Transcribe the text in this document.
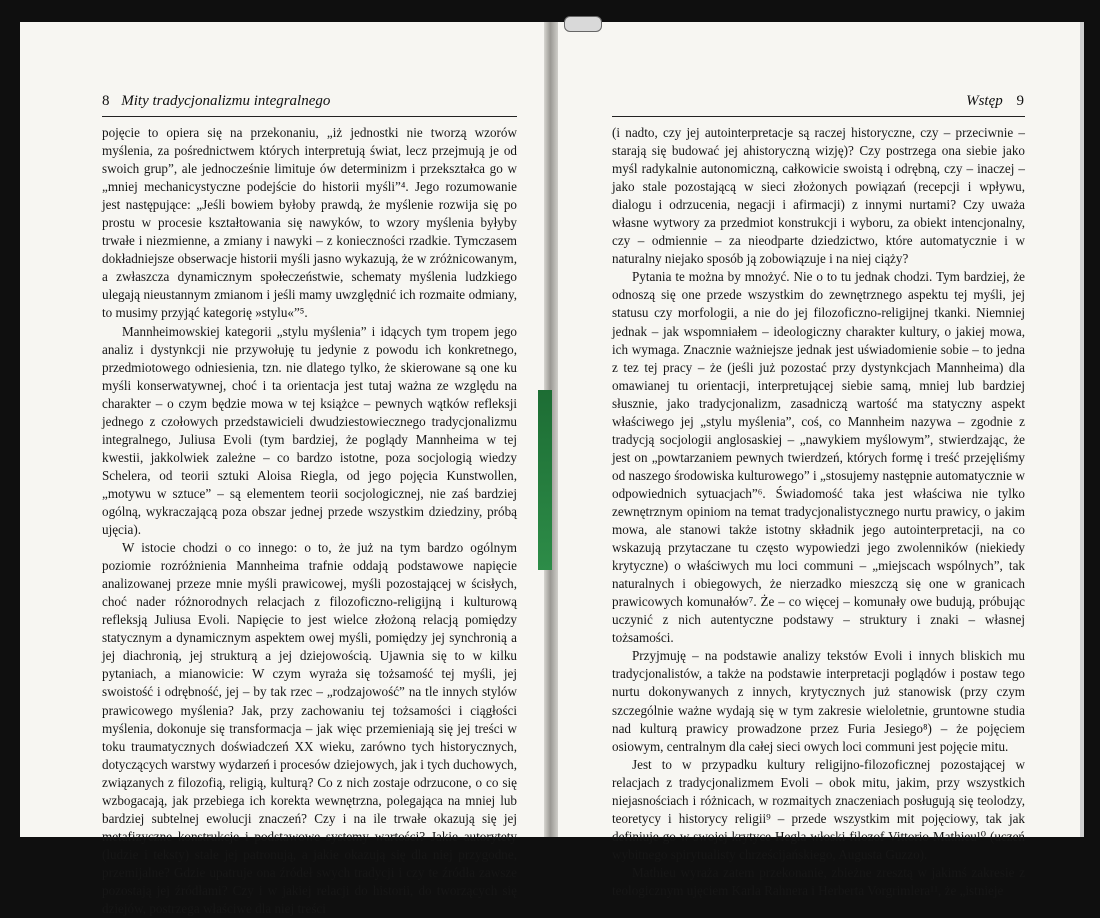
8 Mity tradycjonalizmu integralnego

pojęcie to opiera się na przekonaniu, „iż jednostki nie tworzą wzorów myślenia, za pośrednictwem których interpretują świat, lecz przejmują je od swoich grup”, ale jednocześnie limituje ów determinizm i przekształca go w „mniej mechanicystyczne podejście do historii myśli”⁴. Jego rozumowanie jest następujące: „Jeśli bowiem byłoby prawdą, że myślenie rozwija się po prostu w procesie kształtowania się nawyków, to wzory myślenia byłyby trwałe i niezmienne, a zmiany i nawyki – z konieczności rzadkie. Tymczasem dokładniejsze obserwacje historii myśli jasno wykazują, że w zróżnicowanym, a zwłaszcza dynamicznym społeczeństwie, schematy myślenia ludzkiego ulegają nieustannym zmianom i jeśli mamy uwzględnić ich rozmaite odmiany, to musimy przyjąć kategorię »stylu«”⁵.

Mannheimowskiej kategorii „stylu myślenia” i idących tym tropem jego analiz i dystynkcji nie przywołuję tu jedynie z powodu ich konkretnego, przedmiotowego odniesienia, tzn. nie dlatego tylko, że skierowane są one ku myśli konserwatywnej, choć i ta orientacja jest tutaj ważna ze względu na charakter – o czym będzie mowa w tej książce – pewnych wątków refleksji jednego z czołowych przedstawicieli dwudziestowiecznego tradycjonalizmu integralnego, Juliusa Evoli (tym bardziej, że poglądy Mannheima w tej kwestii, jakkolwiek zależne – co bardzo istotne, poza socjologią wiedzy Schelera, od teorii sztuki Aloisa Riegla, od jego pojęcia Kunstwollen, „motywu w sztuce” – są elementem teorii socjologicznej, nie zaś bardziej ogólną, wykraczającą poza obszar jednej przede wszystkim dziedziny, próbą ujęcia).

W istocie chodzi o co innego: o to, że już na tym bardzo ogólnym poziomie rozróżnienia Mannheima trafnie oddają podstawowe napięcie analizowanej przeze mnie myśli prawicowej, myśli pozostającej w ścisłych, choć nader różnorodnych relacjach z filozoficzno-religijną i kulturową refleksją Juliusa Evoli. Napięcie to jest wielce złożoną relacją pomiędzy statycznym a dynamicznym aspektem owej myśli, pomiędzy jej synchronią a jej diachronią, jej strukturą a jej dziejowością. Ujawnia się to w kilku pytaniach, a mianowicie: W czym wyraża się tożsamość tej myśli, jej swoistość i odrębność, jej – by tak rzec – „rodzajowość” na tle innych stylów prawicowego myślenia? Jak, przy zachowaniu tej tożsamości i ciągłości myślenia, dokonuje się transformacja – jak więc przemieniają się jej treści w toku traumatycznych doświadczeń XX wieku, zarówno tych historycznych, dotyczących warstwy wydarzeń i procesów dziejowych, jak i tych duchowych, związanych z filozofią, religią, kulturą? Co z nich zostaje odrzucone, o co się wzbogacają, jak przebiega ich korekta wewnętrzna, polegająca na mniej lub bardziej subtelnej ewolucji znaczeń? Czy i na ile trwałe okazują się jej metafizyczne konstrukcje i podstawowe systemy wartości? Jakie autorytety (ludzie i teksty) stale jej patronują, a jakie okazują się dla niej przygodne, przemijalne? Gdzie upatruje ona źródeł swych tradycji i czy te źródła zawsze pozostają jej źródłami? Czy i w jakiej relacji do historii, do tworzących się dziejów, postrzega właściwe dla niej treści

Wstęp 9

(i nadto, czy jej autointerpretacje są raczej historyczne, czy – przeciwnie – starają się budować jej ahistoryczną wizję)? Czy postrzega ona siebie jako myśl radykalnie autonomiczną, całkowicie swoistą i odrębną, czy – inaczej – jako stale pozostającą w sieci złożonych powiązań (recepcji i wpływu, dialogu i odrzucenia, negacji i afirmacji) z innymi nurtami? Czy uważa własne wytwory za przedmiot konstrukcji i wyboru, za obiekt intencjonalny, czy – odmiennie – za nieodparte dziedzictwo, które automatycznie i w naturalny niejako sposób ją zobowiązuje i na niej ciąży?

Pytania te można by mnożyć. Nie o to tu jednak chodzi. Tym bardziej, że odnoszą się one przede wszystkim do zewnętrznego aspektu tej myśli, jej statusu czy morfologii, a nie do jej filozoficzno-religijnej tkanki. Niemniej jednak – jak wspomniałem – ideologiczny charakter kultury, o jakiej mowa, ich wymaga. Znacznie ważniejsze jednak jest uświadomienie sobie – to jedna z tez tej pracy – że (jeśli już pozostać przy dystynkcjach Mannheima) dla omawianej tu orientacji, interpretującej siebie samą, mniej lub bardziej słusznie, jako tradycjonalizm, zasadniczą wartość ma statyczny aspekt właściwego jej „stylu myślenia”, coś, co Mannheim nazywa – zgodnie z tradycją socjologii anglosaskiej – „nawykiem myślowym”, stwierdzając, że jest on „powtarzaniem pewnych twierdzeń, których formę i treść przejęliśmy od naszego środowiska kulturowego” i „stosujemy następnie automatycznie w odpowiednich sytuacjach”⁶. Świadomość taka jest właściwa nie tylko zewnętrznym opiniom na temat tradycjonalistycznego nurtu prawicy, o jakim mowa, ale stanowi także istotny składnik jego autointerpretacji, na co wskazują przytaczane tu często wypowiedzi jego zwolenników (niekiedy krytyczne) o właściwych mu loci communi – „miejscach wspólnych”, tak naturalnych i obiegowych, że nierzadko mieszczą się one w granicach prawicowych komunałów⁷. Że – co więcej – komunały owe budują, próbując uczynić z nich autentyczne podstawy – struktury i znaki – własnej tożsamości.

Przyjmuję – na podstawie analizy tekstów Evoli i innych bliskich mu tradycjonalistów, a także na podstawie interpretacji poglądów i postaw tego nurtu dokonywanych z innych, krytycznych już stanowisk (przy czym szczególnie ważne wydają się w tym zakresie wieloletnie, gruntowne studia nad kulturą prawicy prowadzone przez Furia Jesiego⁸) – że pojęciem osiowym, centralnym dla całej sieci owych loci communi jest pojęcie mitu.

Jest to w przypadku kultury religijno-filozoficznej pozostającej w relacjach z tradycjonalizmem Evoli – obok mitu, jakim, przy wszystkich niejasnościach i różnicach, w rozmaitych znaczeniach posługują się teolodzy, teoretycy i historycy religii⁹ – przede wszystkim mit pojęciowy, tak jak definiuje go w swojej krytyce Hegla włoski filozof Vittorio Mathieu¹⁰ (uczeń wybitnego spirytualisty chrześcijańskiego, Augusta Guzzo).

Mathieu wyraża zatem przekonanie, zbieżne zresztą w jakimś zakresie z teologicznym ujęciem Karla Rahnera i Herberta Vorgrimlera¹¹, że „istnieje
